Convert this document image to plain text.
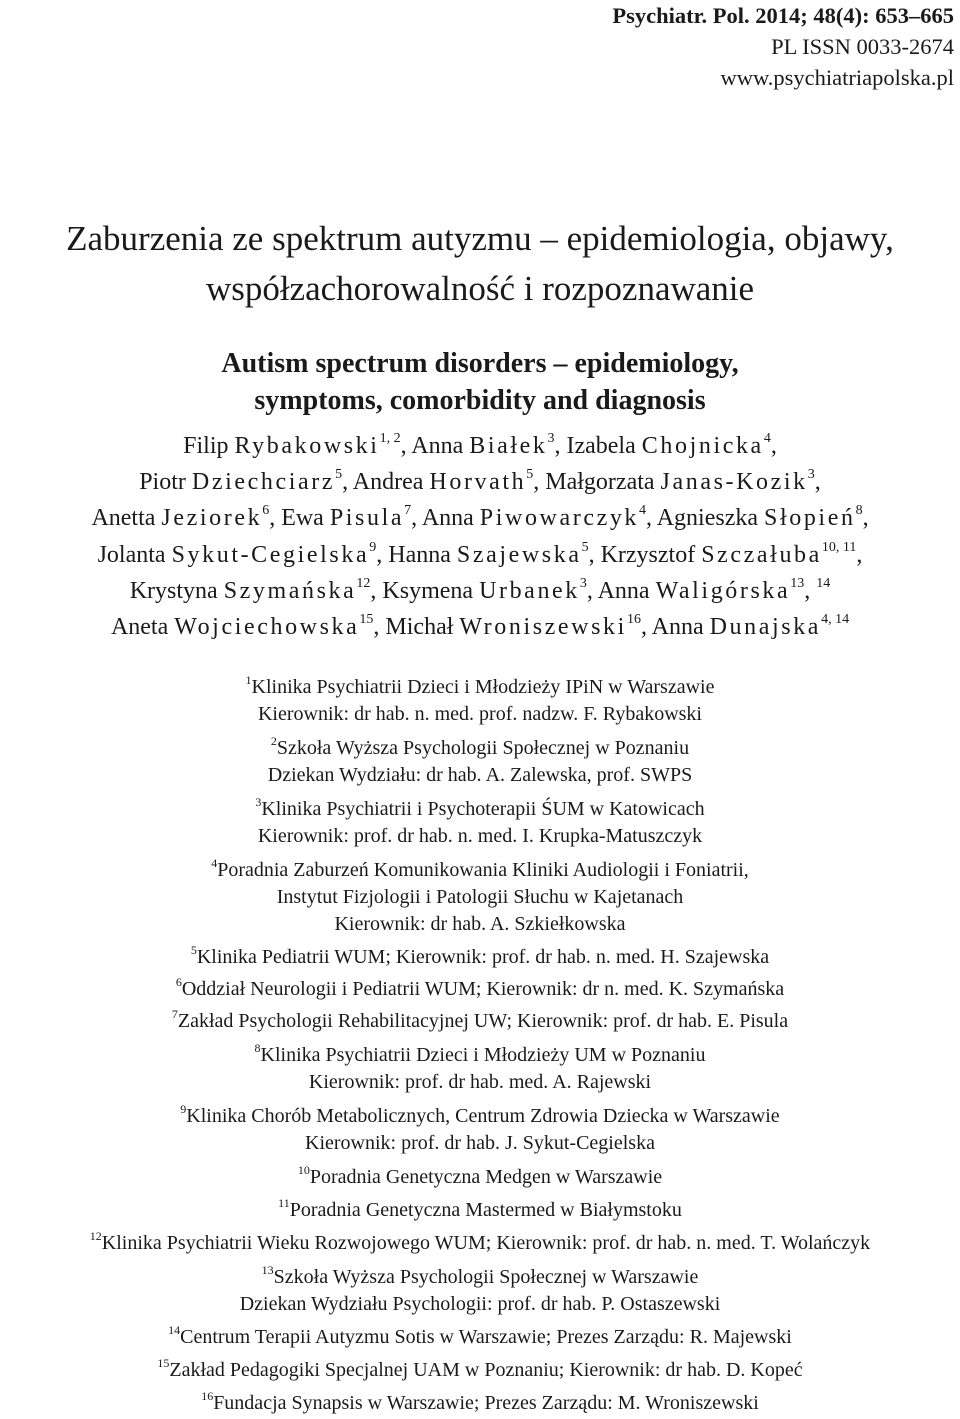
Psychiatr. Pol. 2014; 48(4): 653–665
PL ISSN 0033-2674
www.psychiatriapolska.pl
Zaburzenia ze spektrum autyzmu – epidemiologia, objawy,
współzachorowalność i rozpoznawanie
Autism spectrum disorders – epidemiology,
symptoms, comorbidity and diagnosis
Filip Rybakowski$^{1, 2}$, Anna Białek$^3$, Izabela Chojnicka$^4$,
Piotr Dziechciarz$^5$, Andrea Horvath$^5$, Małgorzata Janas-Kozik$^3$,
Anetta Jeziorek$^6$, Ewa Pisula$^7$, Anna Piwowarczyk$^4$, Agnieszka Słopień$^8$,
Jolanta Sykut-Cegielska$^9$, Hanna Szajewska$^5$, Krzysztof Szczałuba$^{10, 11}$,
Krystyna Szymańska$^{12}$, Ksymena Urbanek$^3$, Anna Waligórska$^{13}$, $^{14}$
Aneta Wojciechowska$^{15}$, Michał Wroniszewski$^{16}$, Anna Dunajska$^{4, 14}$
$^1$Klinika Psychiatrii Dzieci i Młodzieży IPiN w Warszawie
Kierownik: dr hab. n. med. prof. nadzw. F. Rybakowski
$^2$Szkoła Wyższa Psychologii Społecznej w Poznaniu
Dziekan Wydziału: dr hab. A. Zalewska, prof. SWPS
$^3$Klinika Psychiatrii i Psychoterapii ŚUM w Katowicach
Kierownik: prof. dr hab. n. med. I. Krupka-Matuszczyk
$^4$Poradnia Zaburzeń Komunikowania Kliniki Audiologii i Foniatrii,
Instytut Fizjologii i Patologii Słuchu w Kajetanach
Kierownik: dr hab. A. Szkiełkowska
$^5$Klinika Pediatrii WUM; Kierownik: prof. dr hab. n. med. H. Szajewska
$^6$Oddział Neurologii i Pediatrii WUM; Kierownik: dr n. med. K. Szymańska
$^7$Zakład Psychologii Rehabilitacyjnej UW; Kierownik: prof. dr hab. E. Pisula
$^8$Klinika Psychiatrii Dzieci i Młodzieży UM w Poznaniu
Kierownik: prof. dr hab. med. A. Rajewski
$^9$Klinika Chorób Metabolicznych, Centrum Zdrowia Dziecka w Warszawie
Kierownik: prof. dr hab. J. Sykut-Cegielska
$^{10}$Poradnia Genetyczna Medgen w Warszawie
$^{11}$Poradnia Genetyczna Mastermed w Białymstoku
$^{12}$Klinika Psychiatrii Wieku Rozwojowego WUM; Kierownik: prof. dr hab. n. med. T. Wolańczyk
$^{13}$Szkoła Wyższa Psychologii Społecznej w Warszawie
Dziekan Wydziału Psychologii: prof. dr hab. P. Ostaszewski
$^{14}$Centrum Terapii Autyzmu Sotis w Warszawie; Prezes Zarządu: R. Majewski
$^{15}$Zakład Pedagogiki Specjalnej UAM w Poznaniu; Kierownik: dr hab. D. Kopeć
$^{16}$Fundacja Synapsis w Warszawie; Prezes Zarządu: M. Wroniszewski
